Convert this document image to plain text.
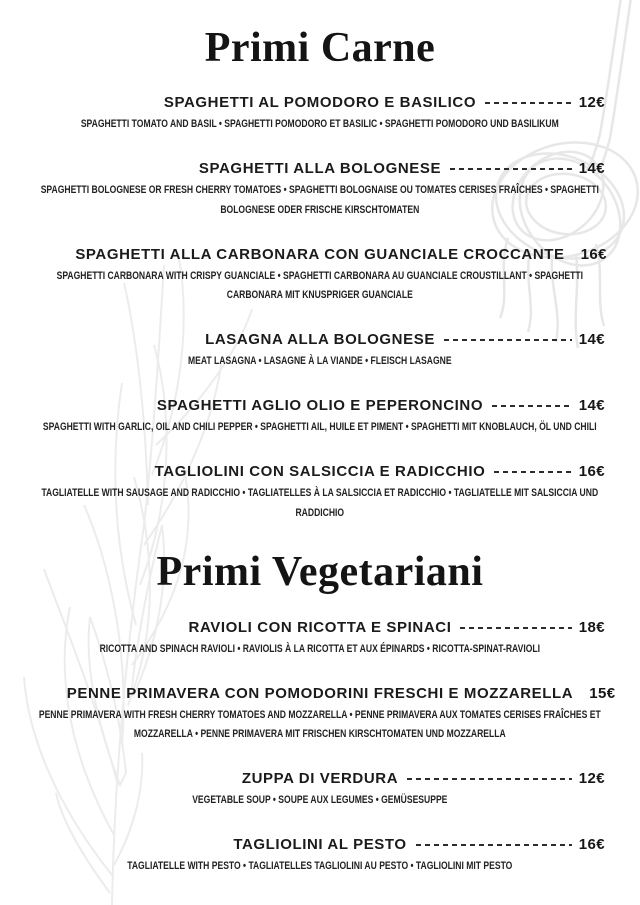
Primi Carne
SPAGHETTI AL POMODORO E BASILICO	12€
SPAGHETTI TOMATO AND BASIL • SPAGHETTI POMODORO ET BASILIC • SPAGHETTI POMODORO UND BASILIKUM
SPAGHETTI ALLA BOLOGNESE	14€
SPAGHETTI BOLOGNESE OR FRESH CHERRY TOMATOES • SPAGHETTI BOLOGNAISE OU TOMATES CERISES FRAÎCHES • SPAGHETTI BOLOGNESE ODER FRISCHE KIRSCHTOMATEN
SPAGHETTI ALLA CARBONARA CON GUANCIALE CROCCANTE 16€
SPAGHETTI CARBONARA WITH CRISPY GUANCIALE • SPAGHETTI CARBONARA AU GUANCIALE CROUSTILLANT • SPAGHETTI CARBONARA MIT KNUSPRIGER GUANCIALE
LASAGNA ALLA BOLOGNESE	14€
MEAT LASAGNA • LASAGNE À LA VIANDE • FLEISCH LASAGNE
SPAGHETTI AGLIO OLIO E PEPERONCINO	14€
SPAGHETTI WITH GARLIC, OIL AND CHILI PEPPER • SPAGHETTI AIL, HUILE ET PIMENT • SPAGHETTI MIT KNOBLAUCH, ÖL UND CHILI
TAGLIOLINI CON SALSICCIA E RADICCHIO	16€
TAGLIATELLE WITH SAUSAGE AND RADICCHIO • TAGLIATELLES À LA SALSICCIA ET RADICCHIO • TAGLIATELLE MIT SALSICCIA UND RADDICHIO
Primi Vegetariani
RAVIOLI CON RICOTTA E SPINACI	18€
RICOTTA AND SPINACH RAVIOLI • RAVIOLIS À LA RICOTTA ET AUX ÉPINARDS • RICOTTA-SPINAT-RAVIOLI
PENNE PRIMAVERA CON POMODORINI FRESCHI E MOZZARELLA 15€
PENNE PRIMAVERA WITH FRESH CHERRY TOMATOES AND MOZZARELLA • PENNE PRIMAVERA AUX TOMATES CERISES FRAÎCHES ET MOZZARELLA • PENNE PRIMAVERA MIT FRISCHEN KIRSCHTOMATEN UND MOZZARELLA
ZUPPA DI VERDURA	12€
VEGETABLE SOUP • SOUPE AUX LEGUMES • GEMÜSESUPPE
TAGLIOLINI AL PESTO	16€
TAGLIATELLE WITH PESTO • TAGLIATELLES TAGLIOLINI AU PESTO • TAGLIOLINI MIT PESTO
